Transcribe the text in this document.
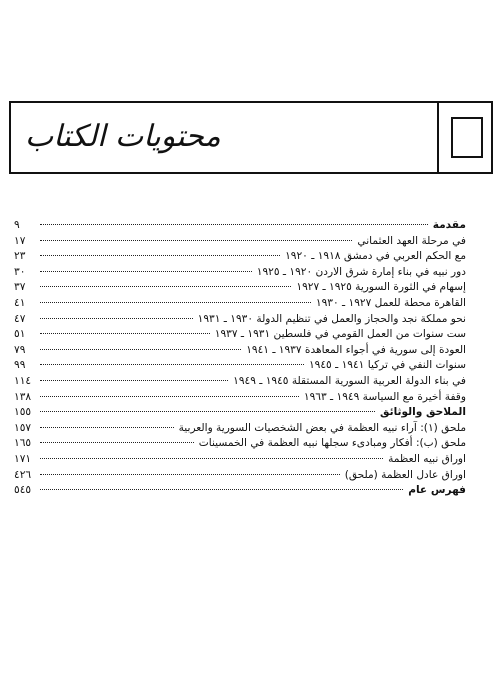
محتويات الكتاب
مقدمة
٩
في مرحلة العهد العثماني
١٧
مع الحكم العربي في دمشق ١٩١٨ ـ ١٩٢٠
٢٣
دور نبيه في بناء إمارة شرق الاردن ١٩٢٠ ـ ١٩٢٥
٣٠
إسهام في الثورة السورية ١٩٢٥ ـ ١٩٢٧
٣٧
القاهرة محطة للعمل ١٩٢٧ ـ ١٩٣٠
٤١
نحو مملكة نجد والحجاز والعمل في تنظيم الدولة ١٩٣٠ ـ ١٩٣١
٤٧
ست سنوات من العمل القومي في فلسطين ١٩٣١ ـ ١٩٣٧
٥١
العودة إلى سورية في أجواء المعاهدة ١٩٣٧ ـ ١٩٤١
٧٩
سنوات النفي في تركيا ١٩٤١ ـ ١٩٤٥
٩٩
في بناء الدولة العربية السورية المستقلة ١٩٤٥ ـ ١٩٤٩
١١٤
وقفة أخيرة مع السياسة ١٩٤٩ ـ ١٩٦٣
١٣٨
الملاحق والوثائق
١٥٥
ملحق (١): آراء نبيه العظمة في بعض الشخصيات السورية والعربية
١٥٧
ملحق (ب): أفكار ومبادىء سجلها نبيه العظمة في الخمسينات
١٦٥
اوراق نبيه العظمة
١٧١
اوراق عادل العظمة (ملحق)
٤٢٦
فهرس عام
٥٤٥
